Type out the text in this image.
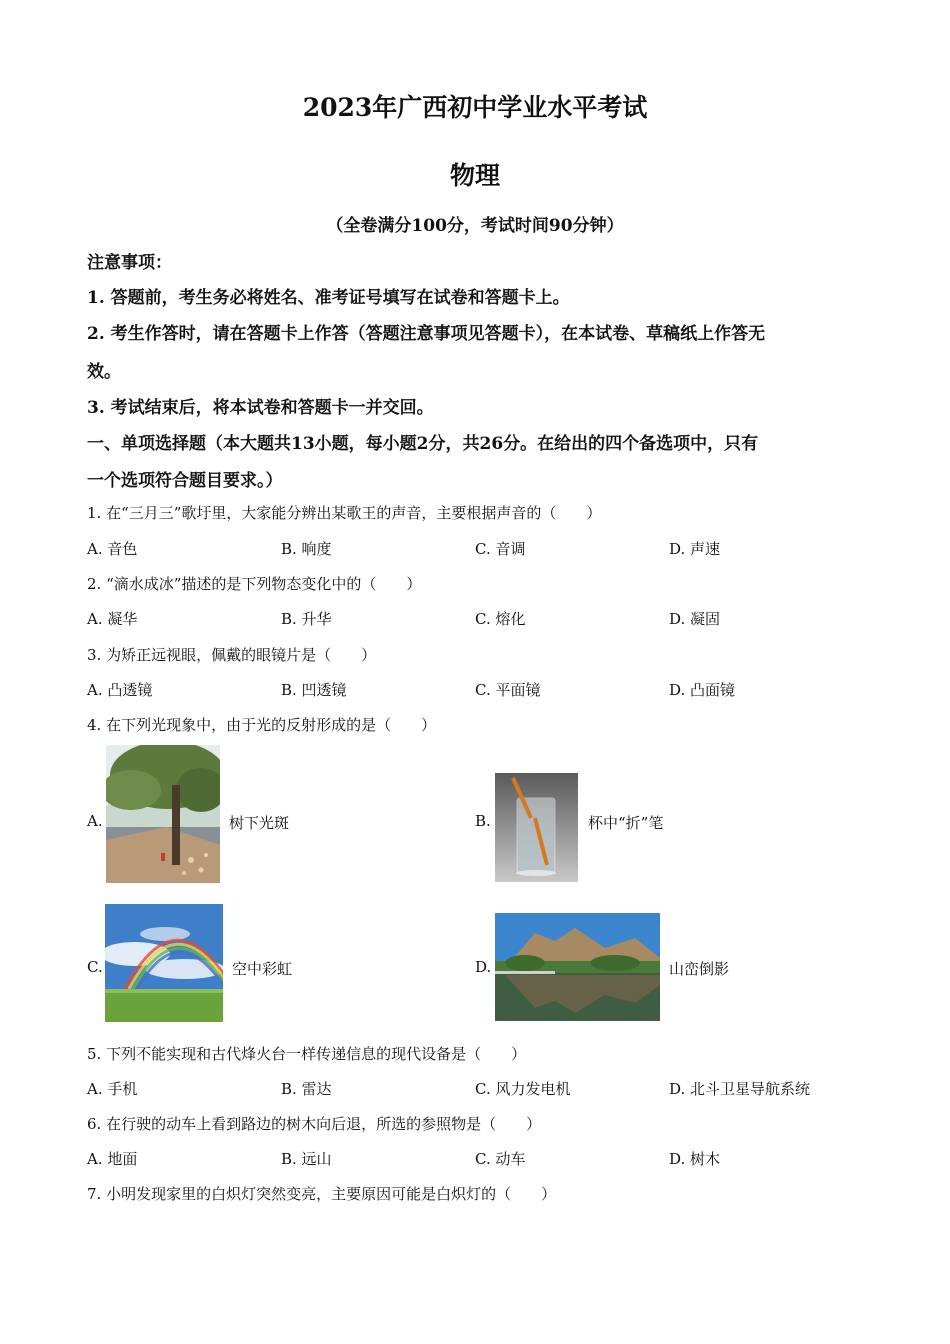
2023年广西初中学业水平考试
物理
（全卷满分100分，考试时间90分钟）
注意事项：
1. 答题前，考生务必将姓名、准考证号填写在试卷和答题卡上。
2. 考生作答时，请在答题卡上作答（答题注意事项见答题卡），在本试卷、草稿纸上作答无
效。
3. 考试结束后，将本试卷和答题卡一并交回。
一、单项选择题（本大题共13小题，每小题2分，共26分。在给出的四个备选项中，只有
一个选项符合题目要求。）
1. 在“三月三”歌圩里，大家能分辨出某歌王的声音，主要根据声音的（　　）
A. 音色	B. 响度	C. 音调	D. 声速
2. “滴水成冰”描述的是下列物态变化中的（　　）
A. 凝华	B. 升华	C. 熔化	D. 凝固
3. 为矫正远视眼，佩戴的眼镜片是（　　）
A. 凸透镜	B. 凹透镜	C. 平面镜	D. 凸面镜
4. 在下列光现象中，由于光的反射形成的是（　　）
A.	树下光斑	B.	杯中“折”笔
C.	空中彩虹	D.	山峦倒影
5. 下列不能实现和古代烽火台一样传递信息的现代设备是（　　）
A. 手机	B. 雷达	C. 风力发电机	D. 北斗卫星导航系统
6. 在行驶的动车上看到路边的树木向后退，所选的参照物是（　　）
A. 地面	B. 远山	C. 动车	D. 树木
7. 小明发现家里的白炽灯突然变亮，主要原因可能是白炽灯的（　　）
